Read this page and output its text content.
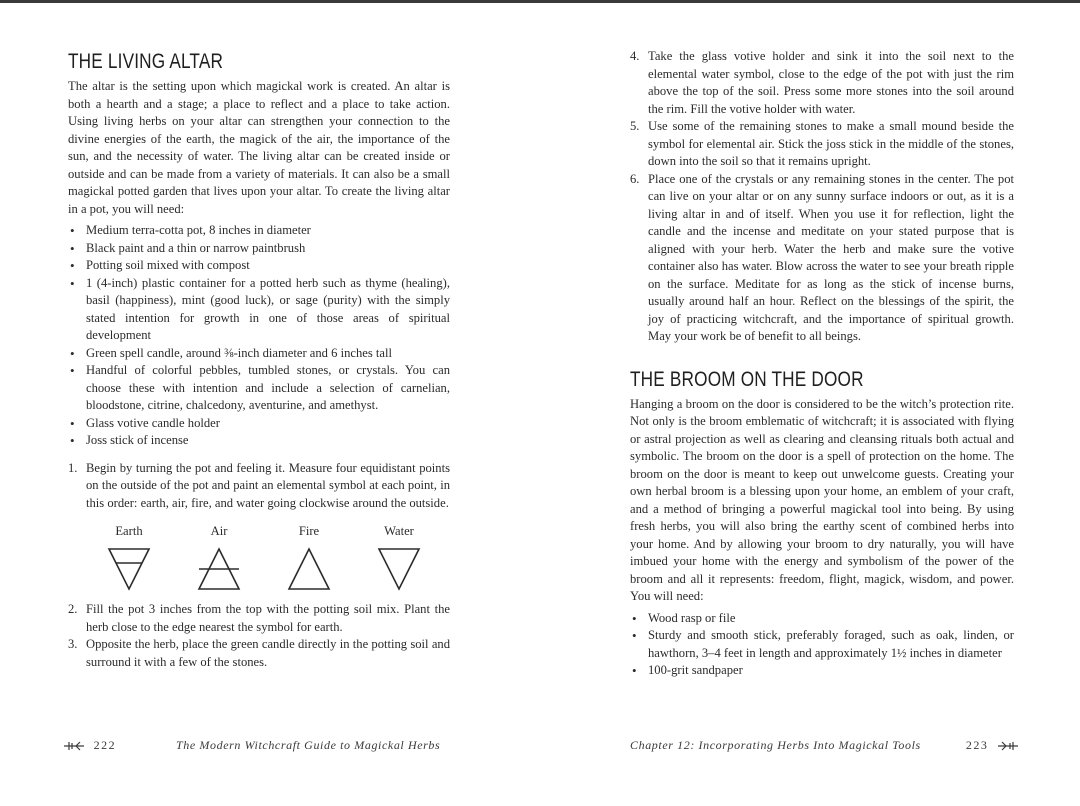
THE LIVING ALTAR

The altar is the setting upon which magickal work is created. An altar is both a hearth and a stage; a place to reflect and a place to take action. Using living herbs on your altar can strengthen your connection to the divine energies of the earth, the magick of the air, the importance of the sun, and the necessity of water. The living altar can be created inside or outside and can be made from a variety of materials. It can also be a small magickal potted garden that lives upon your altar. To create the living altar in a pot, you will need:

• Medium terra-cotta pot, 8 inches in diameter
• Black paint and a thin or narrow paintbrush
• Potting soil mixed with compost
• 1 (4-inch) plastic container for a potted herb such as thyme (healing), basil (happiness), mint (good luck), or sage (purity) with the simply stated intention for growth in one of those areas of spiritual development
• Green spell candle, around ⅜-inch diameter and 6 inches tall
• Handful of colorful pebbles, tumbled stones, or crystals. You can choose these with intention and include a selection of carnelian, bloodstone, citrine, chalcedony, aventurine, and amethyst.
• Glass votive candle holder
• Joss stick of incense
1. Begin by turning the pot and feeling it. Measure four equidistant points on the outside of the pot and paint an elemental symbol at each point, in this order: earth, air, fire, and water going clockwise around the outside.
Earth	Air	Fire	Water
2. Fill the pot 3 inches from the top with the potting soil mix. Plant the herb close to the edge nearest the symbol for earth.
3. Opposite the herb, place the green candle directly in the potting soil and surround it with a few of the stones.
222	The Modern Witchcraft Guide to Magickal Herbs
4. Take the glass votive holder and sink it into the soil next to the elemental water symbol, close to the edge of the pot with just the rim above the top of the soil. Press some more stones into the soil around the rim. Fill the votive holder with water.
5. Use some of the remaining stones to make a small mound beside the symbol for elemental air. Stick the joss stick in the middle of the stones, down into the soil so that it remains upright.
6. Place one of the crystals or any remaining stones in the center. The pot can live on your altar or on any sunny surface indoors or out, as it is a living altar in and of itself. When you use it for reflection, light the candle and the incense and meditate on your stated purpose that is aligned with your herb. Water the herb and make sure the votive container also has water. Blow across the water to see your breath ripple on the surface. Meditate for as long as the stick of incense burns, usually around half an hour. Reflect on the blessings of the spirit, the joy of practicing witchcraft, and the importance of spiritual growth. May your work be of benefit to all beings.
THE BROOM ON THE DOOR

Hanging a broom on the door is considered to be the witch’s protection rite. Not only is the broom emblematic of witchcraft; it is associated with flying or astral projection as well as clearing and cleansing rituals both actual and symbolic. The broom on the door is a spell of protection on the home. The broom on the door is meant to keep out unwelcome guests. Creating your own herbal broom is a blessing upon your home, an emblem of your craft, and a method of bringing a powerful magickal tool into being. By using fresh herbs, you will also bring the earthy scent of combined herbs into your home. And by allowing your broom to dry naturally, you will have imbued your home with the energy and symbolism of the power of the broom and all it represents: freedom, flight, magick, wisdom, and power. You will need:

• Wood rasp or file
• Sturdy and smooth stick, preferably foraged, such as oak, linden, or hawthorn, 3–4 feet in length and approximately 1½ inches in diameter
• 100-grit sandpaper
Chapter 12: Incorporating Herbs Into Magickal Tools	223
